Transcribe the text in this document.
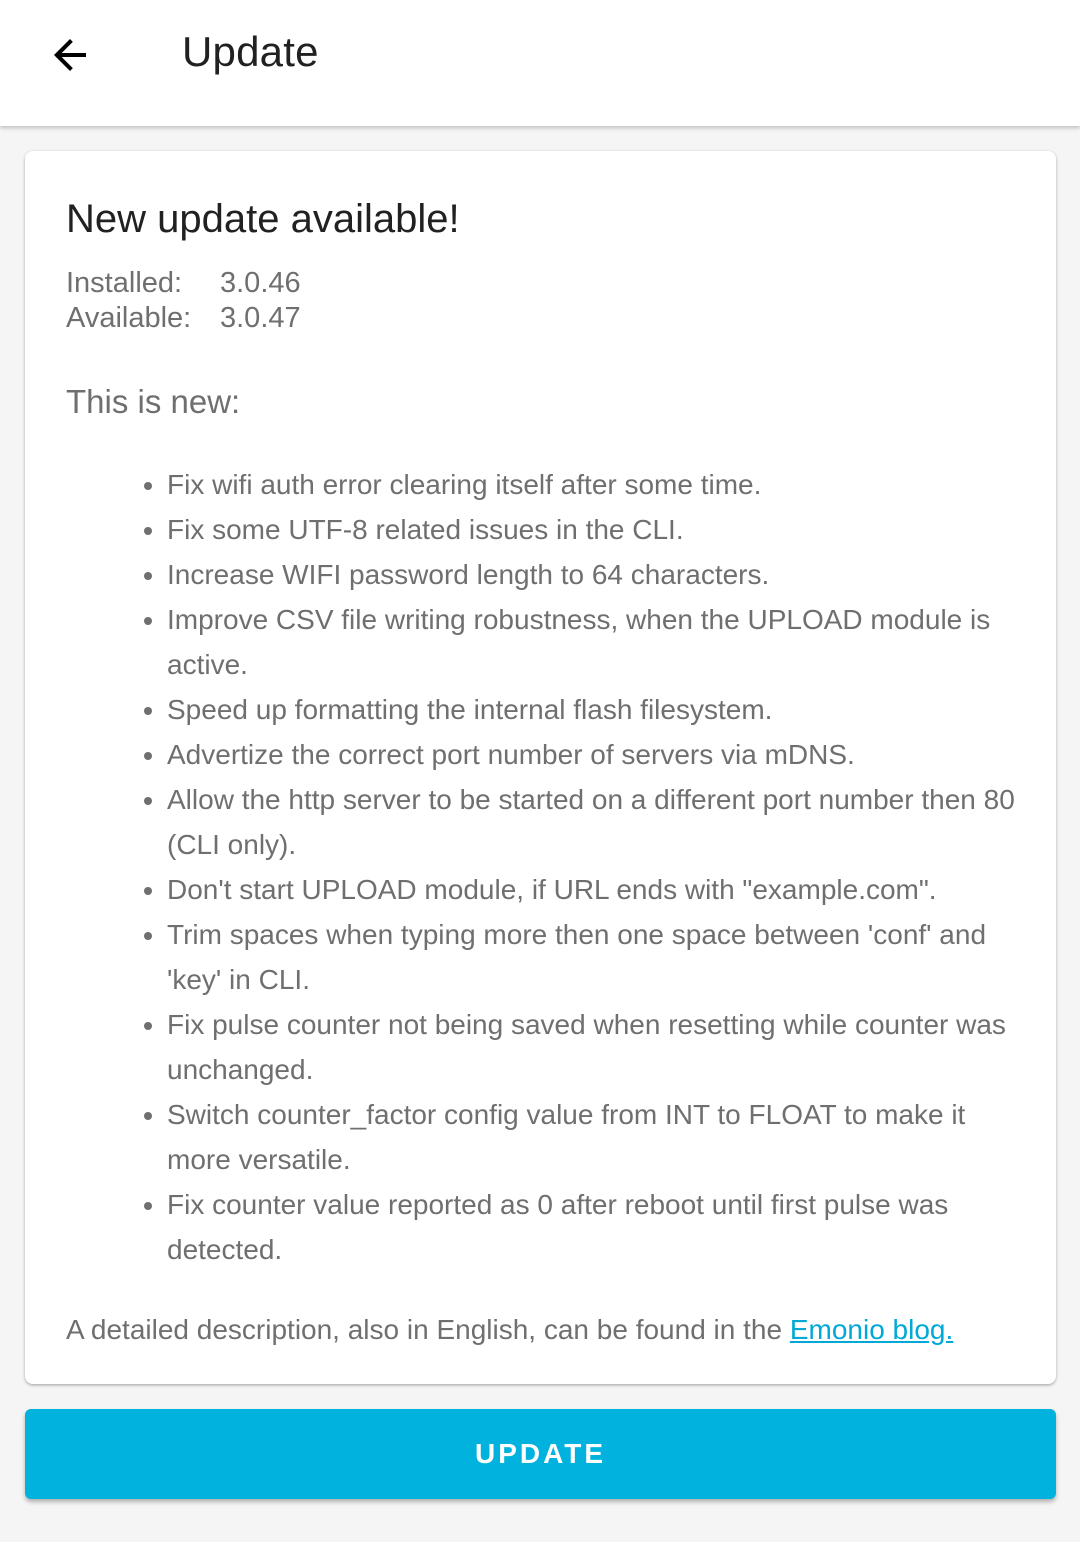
Update
New update available!
Installed:	3.0.46
Available: 3.0.47
This is new:
• Fix wifi auth error clearing itself after some time.
• Fix some UTF-8 related issues in the CLI.
• Increase WIFI password length to 64 characters.
• Improve CSV file writing robustness, when the UPLOAD module is active.
• Speed up formatting the internal flash filesystem.
• Advertize the correct port number of servers via mDNS.
• Allow the http server to be started on a different port number then 80 (CLI only).
• Don't start UPLOAD module, if URL ends with "example.com".
• Trim spaces when typing more then one space between 'conf' and 'key' in CLI.
• Fix pulse counter not being saved when resetting while counter was unchanged.
• Switch counter_factor config value from INT to FLOAT to make it more versatile.
• Fix counter value reported as 0 after reboot until first pulse was detected.
A detailed description, also in English, can be found in the Emonio blog.
UPDATE
